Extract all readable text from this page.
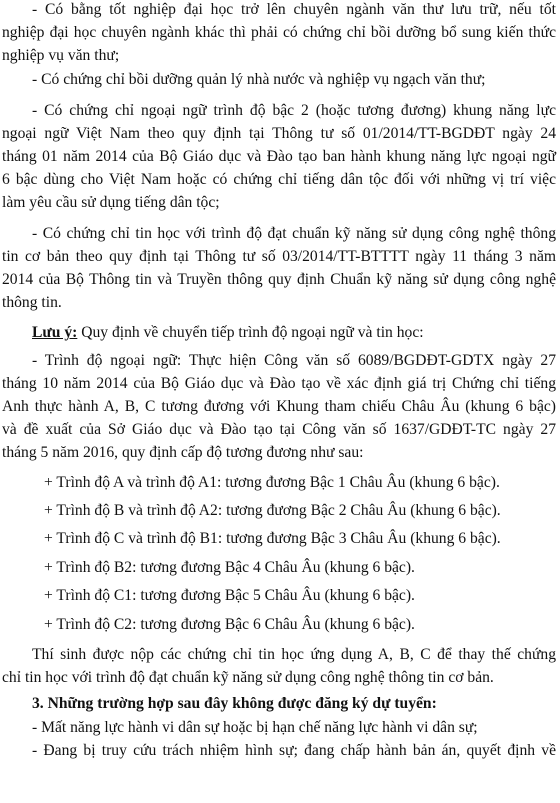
- Có bằng tốt nghiệp đại học trở lên chuyên ngành văn thư lưu trữ, nếu tốt
nghiệp đại học chuyên ngành khác thì phải có chứng chỉ bồi dưỡng bổ sung kiến thức
nghiệp vụ văn thư;
- Có chứng chỉ bồi dưỡng quản lý nhà nước và nghiệp vụ ngạch văn thư;
- Có chứng chỉ ngoại ngữ trình độ bậc 2 (hoặc tương đương) khung năng lực
ngoại ngữ Việt Nam theo quy định tại Thông tư số 01/2014/TT-BGDĐT ngày 24
tháng 01 năm 2014 của Bộ Giáo dục và Đào tạo ban hành khung năng lực ngoại ngữ
6 bậc dùng cho Việt Nam hoặc có chứng chỉ tiếng dân tộc đối với những vị trí việc
làm yêu cầu sử dụng tiếng dân tộc;
- Có chứng chỉ tin học với trình độ đạt chuẩn kỹ năng sử dụng công nghệ thông
tin cơ bản theo quy định tại Thông tư số 03/2014/TT-BTTTT ngày 11 tháng 3 năm
2014 của Bộ Thông tin và Truyền thông quy định Chuẩn kỹ năng sử dụng công nghệ
thông tin.
Lưu ý: Quy định về chuyển tiếp trình độ ngoại ngữ và tin học:
- Trình độ ngoại ngữ: Thực hiện Công văn số 6089/BGDĐT-GDTX ngày 27
tháng 10 năm 2014 của Bộ Giáo dục và Đào tạo về xác định giá trị Chứng chỉ tiếng
Anh thực hành A, B, C tương đương với Khung tham chiếu Châu Âu (khung 6 bậc)
và đề xuất của Sở Giáo dục và Đào tạo tại Công văn số 1637/GDĐT-TC ngày 27
tháng 5 năm 2016, quy định cấp độ tương đương như sau:
+ Trình độ A và trình độ A1: tương đương Bậc 1 Châu Âu (khung 6 bậc).
+ Trình độ B và trình độ A2: tương đương Bậc 2 Châu Âu (khung 6 bậc).
+ Trình độ C và trình độ B1: tương đương Bậc 3 Châu Âu (khung 6 bậc).
+ Trình độ B2: tương đương Bậc 4 Châu Âu (khung 6 bậc).
+ Trình độ C1: tương đương Bậc 5 Châu Âu (khung 6 bậc).
+ Trình độ C2: tương đương Bậc 6 Châu Âu (khung 6 bậc).
Thí sinh được nộp các chứng chỉ tin học ứng dụng A, B, C để thay thế chứng
chỉ tin học với trình độ đạt chuẩn kỹ năng sử dụng công nghệ thông tin cơ bản.
3. Những trường hợp sau đây không được đăng ký dự tuyển:
- Mất năng lực hành vi dân sự hoặc bị hạn chế năng lực hành vi dân sự;
- Đang bị truy cứu trách nhiệm hình sự; đang chấp hành bản án, quyết định về
